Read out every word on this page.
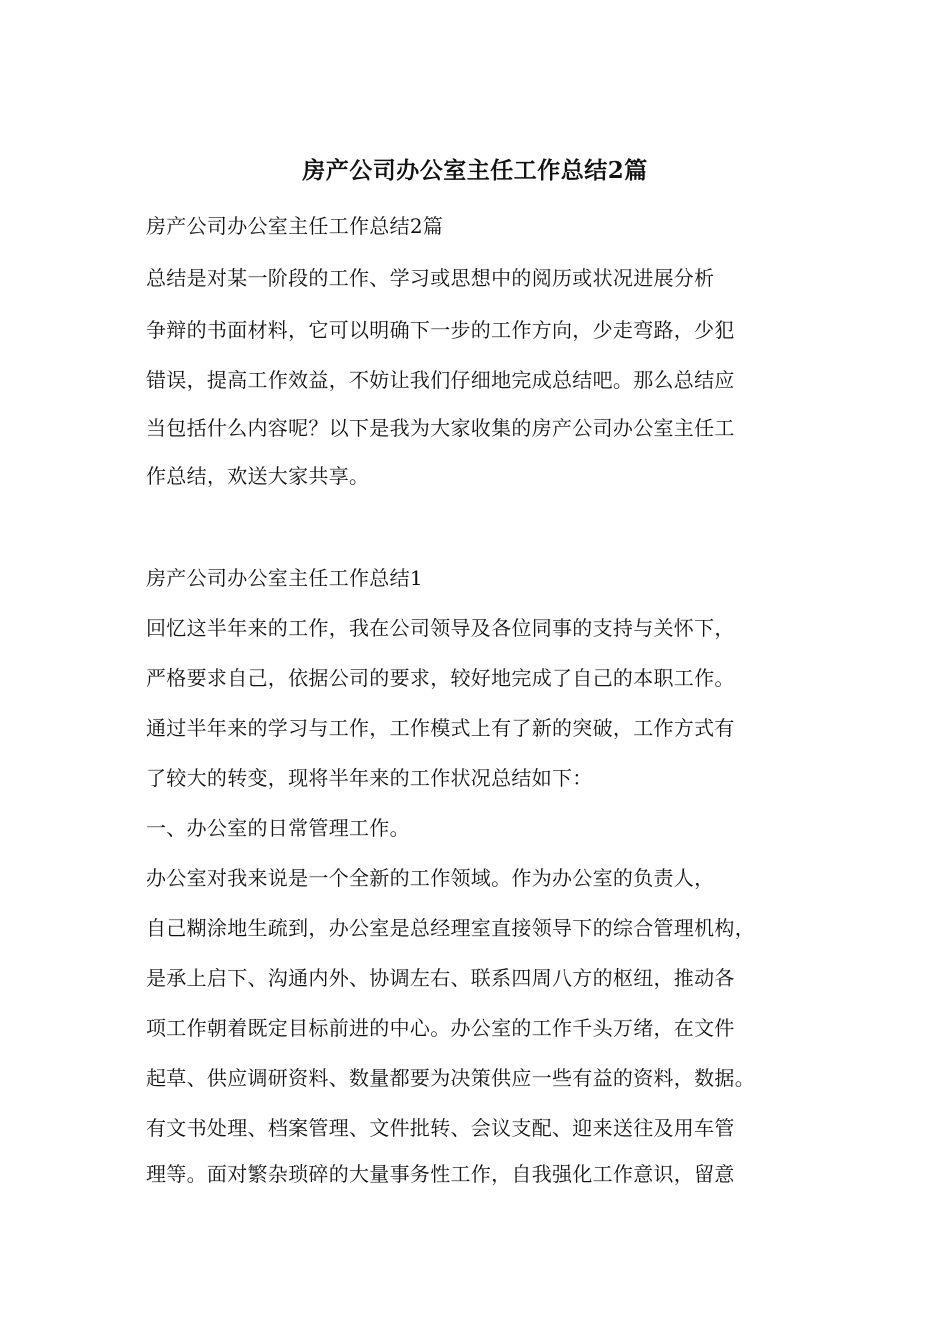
房产公司办公室主任工作总结2篇
房产公司办公室主任工作总结2篇
总结是对某一阶段的工作、学习或思想中的阅历或状况进展分析
争辩的书面材料，它可以明确下一步的工作方向，少走弯路，少犯
错误，提高工作效益，不妨让我们仔细地完成总结吧。那么总结应
当包括什么内容呢？以下是我为大家收集的房产公司办公室主任工
作总结，欢送大家共享。
房产公司办公室主任工作总结1
回忆这半年来的工作，我在公司领导及各位同事的支持与关怀下，
严格要求自己，依据公司的要求，较好地完成了自己的本职工作。
通过半年来的学习与工作，工作模式上有了新的突破，工作方式有
了较大的转变，现将半年来的工作状况总结如下：
一、办公室的日常管理工作。
办公室对我来说是一个全新的工作领域。作为办公室的负责人，
自己糊涂地生疏到，办公室是总经理室直接领导下的综合管理机构，
是承上启下、沟通内外、协调左右、联系四周八方的枢纽，推动各
项工作朝着既定目标前进的中心。办公室的工作千头万绪，在文件
起草、供应调研资料、数量都要为决策供应一些有益的资料，数据。
有文书处理、档案管理、文件批转、会议支配、迎来送往及用车管
理等。面对繁杂琐碎的大量事务性工作，自我强化工作意识，留意
